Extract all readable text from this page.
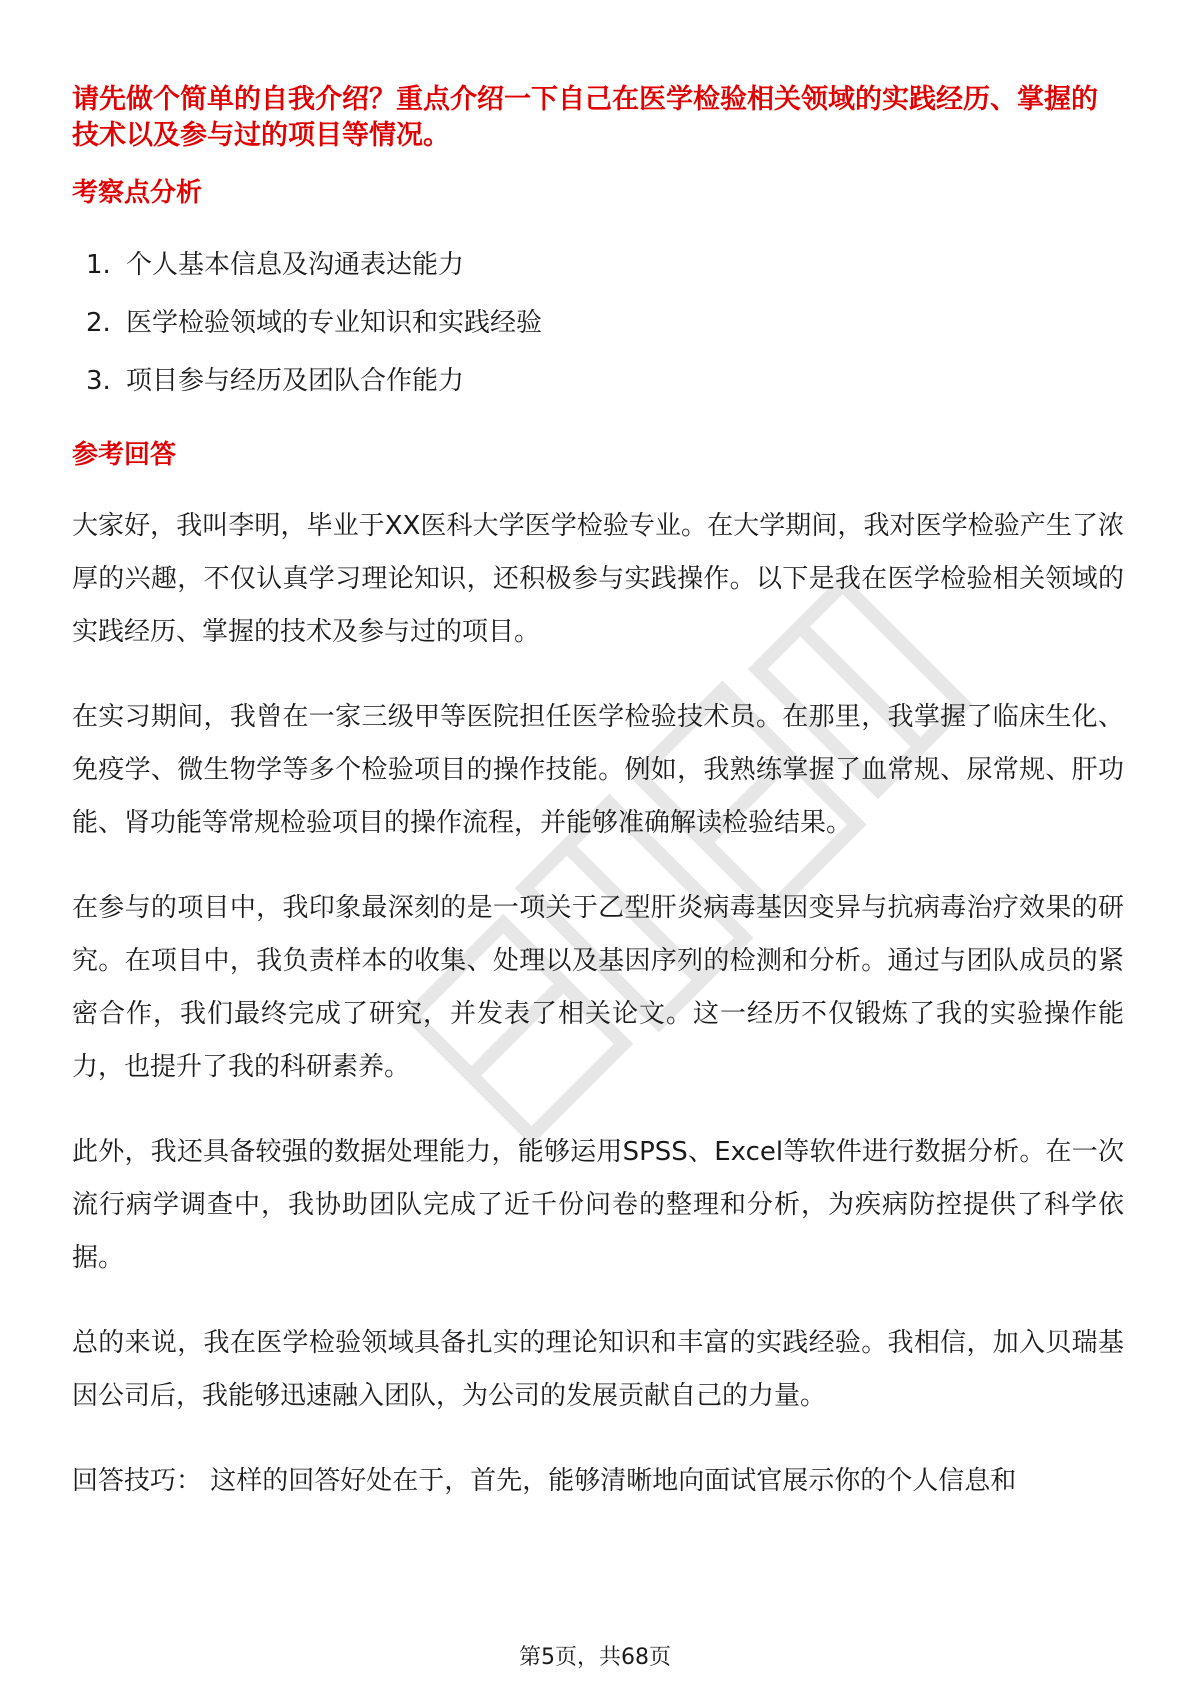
请先做个简单的自我介绍？重点介绍一下自己在医学检验相关领域的实践经历、掌握的技术以及参与过的项目等情况。

考察点分析
1. 个人基本信息及沟通表达能力
2. 医学检验领域的专业知识和实践经验
3. 项目参与经历及团队合作能力
参考回答

大家好，我叫李明，毕业于XX医科大学医学检验专业。在大学期间，我对医学检验产生了浓厚的兴趣，不仅认真学习理论知识，还积极参与实践操作。以下是我在医学检验相关领域的实践经历、掌握的技术及参与过的项目。

在实习期间，我曾在一家三级甲等医院担任医学检验技术员。在那里，我掌握了临床生化、免疫学、微生物学等多个检验项目的操作技能。例如，我熟练掌握了血常规、尿常规、肝功能、肾功能等常规检验项目的操作流程，并能够准确解读检验结果。

在参与的项目中，我印象最深刻的是一项关于乙型肝炎病毒基因变异与抗病毒治疗效果的研究。在项目中，我负责样本的收集、处理以及基因序列的检测和分析。通过与团队成员的紧密合作，我们最终完成了研究，并发表了相关论文。这一经历不仅锻炼了我的实验操作能力，也提升了我的科研素养。

此外，我还具备较强的数据处理能力，能够运用SPSS、Excel等软件进行数据分析。在一次流行病学调查中，我协助团队完成了近千份问卷的整理和分析，为疾病防控提供了科学依据。

总的来说，我在医学检验领域具备扎实的理论知识和丰富的实践经验。我相信，加入贝瑞基因公司后，我能够迅速融入团队，为公司的发展贡献自己的力量。

回答技巧： 这样的回答好处在于，首先，能够清晰地向面试官展示你的个人信息和

第5页，共68页
